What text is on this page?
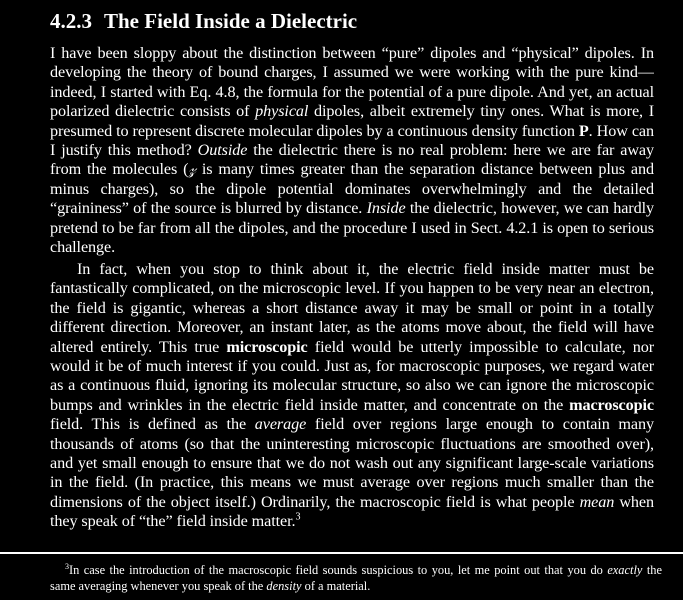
4.2.3 The Field Inside a Dielectric

I have been sloppy about the distinction between “pure” dipoles and “physical” dipoles. In developing the theory of bound charges, I assumed we were working with the pure kind—indeed, I started with Eq. 4.8, the formula for the potential of a pure dipole. And yet, an actual polarized dielectric consists of physical dipoles, albeit extremely tiny ones. What is more, I presumed to represent discrete molecular dipoles by a continuous density function P. How can I justify this method? Outside the dielectric there is no real problem: here we are far away from the molecules (𝓏 is many times greater than the separation distance between plus and minus charges), so the dipole potential dominates overwhelmingly and the detailed “graininess” of the source is blurred by distance. Inside the dielectric, however, we can hardly pretend to be far from all the dipoles, and the procedure I used in Sect. 4.2.1 is open to serious challenge.

In fact, when you stop to think about it, the electric field inside matter must be fantastically complicated, on the microscopic level. If you happen to be very near an electron, the field is gigantic, whereas a short distance away it may be small or point in a totally different direction. Moreover, an instant later, as the atoms move about, the field will have altered entirely. This true microscopic field would be utterly impossible to calculate, nor would it be of much interest if you could. Just as, for macroscopic purposes, we regard water as a continuous fluid, ignoring its molecular structure, so also we can ignore the microscopic bumps and wrinkles in the electric field inside matter, and concentrate on the macroscopic field. This is defined as the average field over regions large enough to contain many thousands of atoms (so that the uninteresting microscopic fluctuations are smoothed over), and yet small enough to ensure that we do not wash out any significant large-scale variations in the field. (In practice, this means we must average over regions much smaller than the dimensions of the object itself.) Ordinarily, the macroscopic field is what people mean when they speak of “the” field inside matter.$^3$

$^3$In case the introduction of the macroscopic field sounds suspicious to you, let me point out that you do exactly the same averaging whenever you speak of the density of a material.
